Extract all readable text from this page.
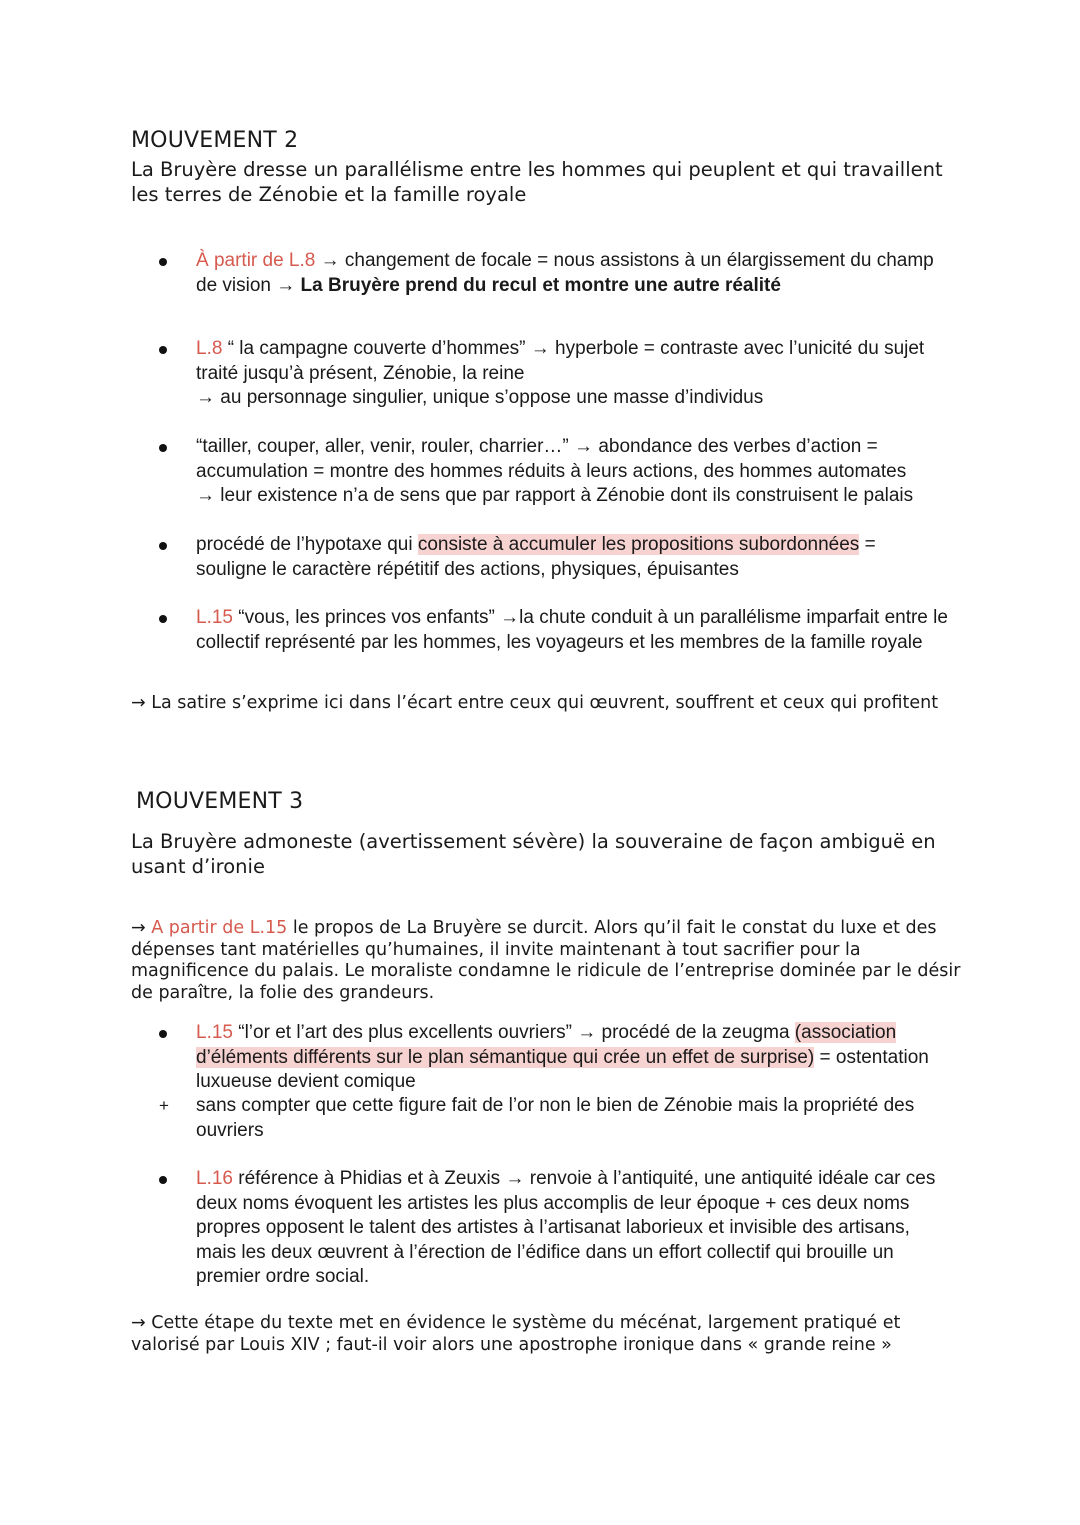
MOUVEMENT 2
La Bruyère dresse un parallélisme entre les hommes qui peuplent et qui travaillent les terres de Zénobie et la famille royale
À partir de L.8 → changement de focale = nous assistons à un élargissement du champ de vision → La Bruyère prend du recul et montre une autre réalité
L.8 “ la campagne couverte d’hommes” → hyperbole = contraste avec l’unicité du sujet traité jusqu’à présent, Zénobie, la reine
→ au personnage singulier, unique s’oppose une masse d’individus
“tailler, couper, aller, venir, rouler, charrier…” → abondance des verbes d’action = accumulation = montre des hommes réduits à leurs actions, des hommes automates
→ leur existence n’a de sens que par rapport à Zénobie dont ils construisent le palais
procédé de l’hypotaxe qui consiste à accumuler les propositions subordonnées = souligne le caractère répétitif des actions, physiques, épuisantes
L.15 “vous, les princes vos enfants” →la chute conduit à un parallélisme imparfait entre le collectif représenté par les hommes, les voyageurs et les membres de la famille royale
→ La satire s’exprime ici dans l’écart entre ceux qui œuvrent, souffrent et ceux qui profitent
MOUVEMENT 3
La Bruyère admoneste (avertissement sévère) la souveraine de façon ambiguë en usant d’ironie
→ A partir de L.15 le propos de La Bruyère se durcit. Alors qu’il fait le constat du luxe et des dépenses tant matérielles qu’humaines, il invite maintenant à tout sacrifier pour la magnificence du palais. Le moraliste condamne le ridicule de l’entreprise dominée par le désir de paraître, la folie des grandeurs.
L.15 “l’or et l’art des plus excellents ouvriers” → procédé de la zeugma (association d’éléments différents sur le plan sémantique qui crée un effet de surprise) = ostentation luxueuse devient comique
+	sans compter que cette figure fait de l’or non le bien de Zénobie mais la propriété des ouvriers
L.16 référence à Phidias et à Zeuxis → renvoie à l’antiquité, une antiquité idéale car ces deux noms évoquent les artistes les plus accomplis de leur époque + ces deux noms propres opposent le talent des artistes à l’artisanat laborieux et invisible des artisans, mais les deux œuvrent à l’érection de l’édifice dans un effort collectif qui brouille un premier ordre social.
→ Cette étape du texte met en évidence le système du mécénat, largement pratiqué et valorisé par Louis XIV ; faut-il voir alors une apostrophe ironique dans « grande reine »
